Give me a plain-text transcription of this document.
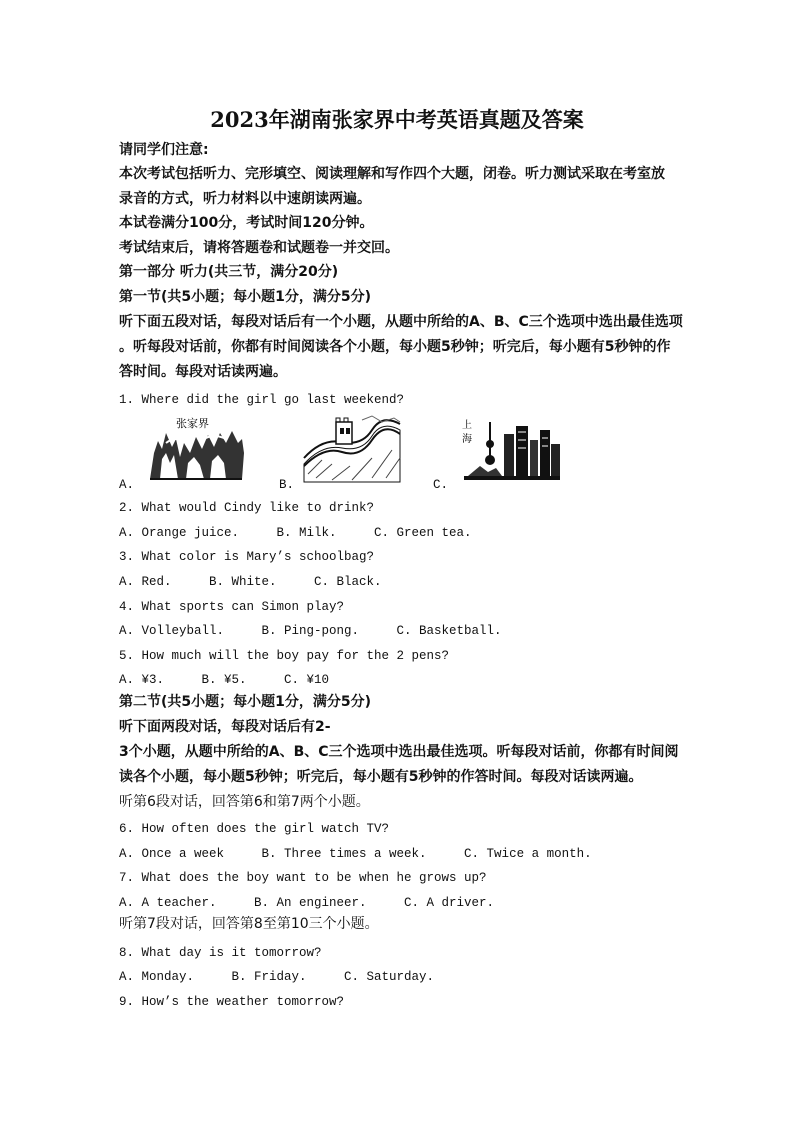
2023年湖南张家界中考英语真题及答案
请同学们注意:
本次考试包括听力、完形填空、阅读理解和写作四个大题，闭卷。听力测试采取在考室放
录音的方式，听力材料以中速朗读两遍。
本试卷满分100分，考试时间120分钟。
考试结束后，请将答题卷和试题卷一并交回。
第一部分 听力(共三节，满分20分)
第一节(共5小题；每小题1分，满分5分)
听下面五段对话，每段对话后有一个小题，从题中所给的A、B、C三个选项中选出最佳选项
。听每段对话前，你都有时间阅读各个小题，每小题5秒钟；听完后，每小题有5秒钟的作
答时间。每段对话读两遍。
1. Where did the girl go last weekend?
张家界
A.	B.
上
海
C.
2. What would Cindy like to drink?
A. Orange juice.     B. Milk.     C. Green tea.
3. What color is Mary’s schoolbag?
A. Red.     B. White.     C. Black.
4. What sports can Simon play?
A. Volleyball.     B. Ping-pong.     C. Basketball.
5. How much will the boy pay for the 2 pens?
A. ¥3.     B. ¥5.     C. ¥10
第二节(共5小题；每小题1分，满分5分)
听下面两段对话，每段对话后有2-
3个小题，从题中所给的A、B、C三个选项中选出最佳选项。听每段对话前，你都有时间阅
读各个小题，每小题5秒钟；听完后，每小题有5秒钟的作答时间。每段对话读两遍。
听第6段对话，回答第6和第7两个小题。
6. How often does the girl watch TV?
A. Once a week     B. Three times a week.     C. Twice a month.
7. What does the boy want to be when he grows up?
A. A teacher.     B. An engineer.     C. A driver.
听第7段对话，回答第8至第10三个小题。
8. What day is it tomorrow?
A. Monday.     B. Friday.     C. Saturday.
9. How’s the weather tomorrow?
